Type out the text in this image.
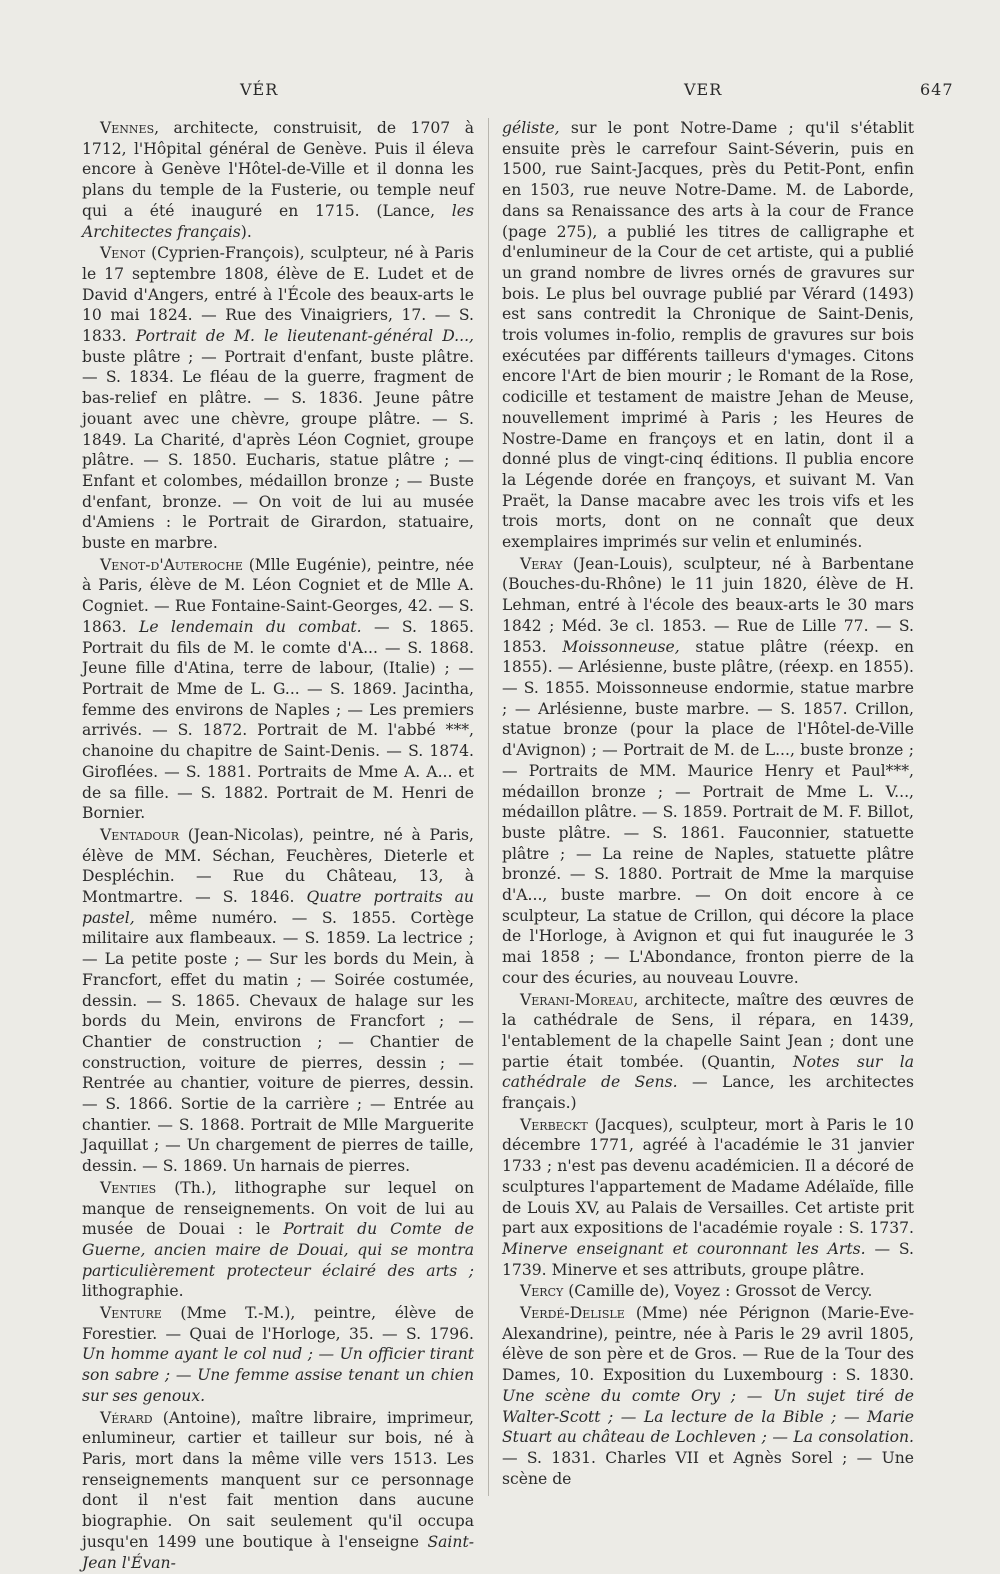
VÉR	VER	647

Vennes, architecte, construisit, de 1707 à 1712, l'Hôpital général de Genève. Puis il éleva encore à Genève l'Hôtel-de-Ville et il donna les plans du temple de la Fusterie, ou temple neuf qui a été inauguré en 1715. (Lance, les Architectes français).

Venot (Cyprien-François), sculpteur, né à Paris le 17 septembre 1808, élève de E. Ludet et de David d'Angers, entré à l'École des beaux-arts le 10 mai 1824. — Rue des Vinaigriers, 17. — S. 1833. Portrait de M. le lieutenant-général D..., buste plâtre ; — Portrait d'enfant, buste plâtre. — S. 1834. Le fléau de la guerre, fragment de bas-relief en plâtre. — S. 1836. Jeune pâtre jouant avec une chèvre, groupe plâtre. — S. 1849. La Charité, d'après Léon Cogniet, groupe plâtre. — S. 1850. Eucharis, statue plâtre ; — Enfant et colombes, médaillon bronze ; — Buste d'enfant, bronze. — On voit de lui au musée d'Amiens : le Portrait de Girardon, statuaire, buste en marbre.

Venot-d'Auteroche (Mlle Eugénie), peintre, née à Paris, élève de M. Léon Cogniet et de Mlle A. Cogniet. — Rue Fontaine-Saint-Georges, 42. — S. 1863. Le lendemain du combat. — S. 1865. Portrait du fils de M. le comte d'A... — S. 1868. Jeune fille d'Atina, terre de labour, (Italie) ; — Portrait de Mme de L. G... — S. 1869. Jacintha, femme des environs de Naples ; — Les premiers arrivés. — S. 1872. Portrait de M. l'abbé ***, chanoine du chapitre de Saint-Denis. — S. 1874. Giroflées. — S. 1881. Portraits de Mme A. A... et de sa fille. — S. 1882. Portrait de M. Henri de Bornier.

Ventadour (Jean-Nicolas), peintre, né à Paris, élève de MM. Séchan, Feuchères, Dieterle et Despléchin. — Rue du Château, 13, à Montmartre. — S. 1846. Quatre portraits au pastel, même numéro. — S. 1855. Cortège militaire aux flambeaux. — S. 1859. La lectrice ; — La petite poste ; — Sur les bords du Mein, à Francfort, effet du matin ; — Soirée costumée, dessin. — S. 1865. Chevaux de halage sur les bords du Mein, environs de Francfort ; — Chantier de construction ; — Chantier de construction, voiture de pierres, dessin ; — Rentrée au chantier, voiture de pierres, dessin. — S. 1866. Sortie de la carrière ; — Entrée au chantier. — S. 1868. Portrait de Mlle Marguerite Jaquillat ; — Un chargement de pierres de taille, dessin. — S. 1869. Un harnais de pierres.

Venties (Th.), lithographe sur lequel on manque de renseignements. On voit de lui au musée de Douai : le Portrait du Comte de Guerne, ancien maire de Douai, qui se montra particulièrement protecteur éclairé des arts ; lithographie.

Venture (Mme T.-M.), peintre, élève de Forestier. — Quai de l'Horloge, 35. — S. 1796. Un homme ayant le col nud ; — Un officier tirant son sabre ; — Une femme assise tenant un chien sur ses genoux.

Vérard (Antoine), maître libraire, imprimeur, enlumineur, cartier et tailleur sur bois, né à Paris, mort dans la même ville vers 1513. Les renseignements manquent sur ce personnage dont il n'est fait mention dans aucune biographie. On sait seulement qu'il occupa jusqu'en 1499 une boutique à l'enseigne Saint-Jean l'Évan-

géliste, sur le pont Notre-Dame ; qu'il s'établit ensuite près le carrefour Saint-Séverin, puis en 1500, rue Saint-Jacques, près du Petit-Pont, enfin en 1503, rue neuve Notre-Dame. M. de Laborde, dans sa Renaissance des arts à la cour de France (page 275), a publié les titres de calligraphe et d'enlumineur de la Cour de cet artiste, qui a publié un grand nombre de livres ornés de gravures sur bois. Le plus bel ouvrage publié par Vérard (1493) est sans contredit la Chronique de Saint-Denis, trois volumes in-folio, remplis de gravures sur bois exécutées par différents tailleurs d'ymages. Citons encore l'Art de bien mourir ; le Romant de la Rose, codicille et testament de maistre Jehan de Meuse, nouvellement imprimé à Paris ; les Heures de Nostre-Dame en françoys et en latin, dont il a donné plus de vingt-cinq éditions. Il publia encore la Légende dorée en françoys, et suivant M. Van Praët, la Danse macabre avec les trois vifs et les trois morts, dont on ne connaît que deux exemplaires imprimés sur velin et enluminés.

Veray (Jean-Louis), sculpteur, né à Barbentane (Bouches-du-Rhône) le 11 juin 1820, élève de H. Lehman, entré à l'école des beaux-arts le 30 mars 1842 ; Méd. 3e cl. 1853. — Rue de Lille 77. — S. 1853. Moissonneuse, statue plâtre (réexp. en 1855). — Arlésienne, buste plâtre, (réexp. en 1855). — S. 1855. Moissonneuse endormie, statue marbre ; — Arlésienne, buste marbre. — S. 1857. Crillon, statue bronze (pour la place de l'Hôtel-de-Ville d'Avignon) ; — Portrait de M. de L..., buste bronze ; — Portraits de MM. Maurice Henry et Paul***, médaillon bronze ; — Portrait de Mme L. V..., médaillon plâtre. — S. 1859. Portrait de M. F. Billot, buste plâtre. — S. 1861. Fauconnier, statuette plâtre ; — La reine de Naples, statuette plâtre bronzé. — S. 1880. Portrait de Mme la marquise d'A..., buste marbre. — On doit encore à ce sculpteur, La statue de Crillon, qui décore la place de l'Horloge, à Avignon et qui fut inaugurée le 3 mai 1858 ; — L'Abondance, fronton pierre de la cour des écuries, au nouveau Louvre.

Verani-Moreau, architecte, maître des œuvres de la cathédrale de Sens, il répara, en 1439, l'entablement de la chapelle Saint Jean ; dont une partie était tombée. (Quantin, Notes sur la cathédrale de Sens. — Lance, les architectes français.)

Verbeckt (Jacques), sculpteur, mort à Paris le 10 décembre 1771, agréé à l'académie le 31 janvier 1733 ; n'est pas devenu académicien. Il a décoré de sculptures l'appartement de Madame Adélaïde, fille de Louis XV, au Palais de Versailles. Cet artiste prit part aux expositions de l'académie royale : S. 1737. Minerve enseignant et couronnant les Arts. — S. 1739. Minerve et ses attributs, groupe plâtre.

Vercy (Camille de), Voyez : Grossot de Vercy.

Verdé-Delisle (Mme) née Pérignon (Marie-Eve-Alexandrine), peintre, née à Paris le 29 avril 1805, élève de son père et de Gros. — Rue de la Tour des Dames, 10. Exposition du Luxembourg : S. 1830. Une scène du comte Ory ; — Un sujet tiré de Walter-Scott ; — La lecture de la Bible ; — Marie Stuart au château de Lochleven ; — La consolation. — S. 1831. Charles VII et Agnès Sorel ; — Une scène de
